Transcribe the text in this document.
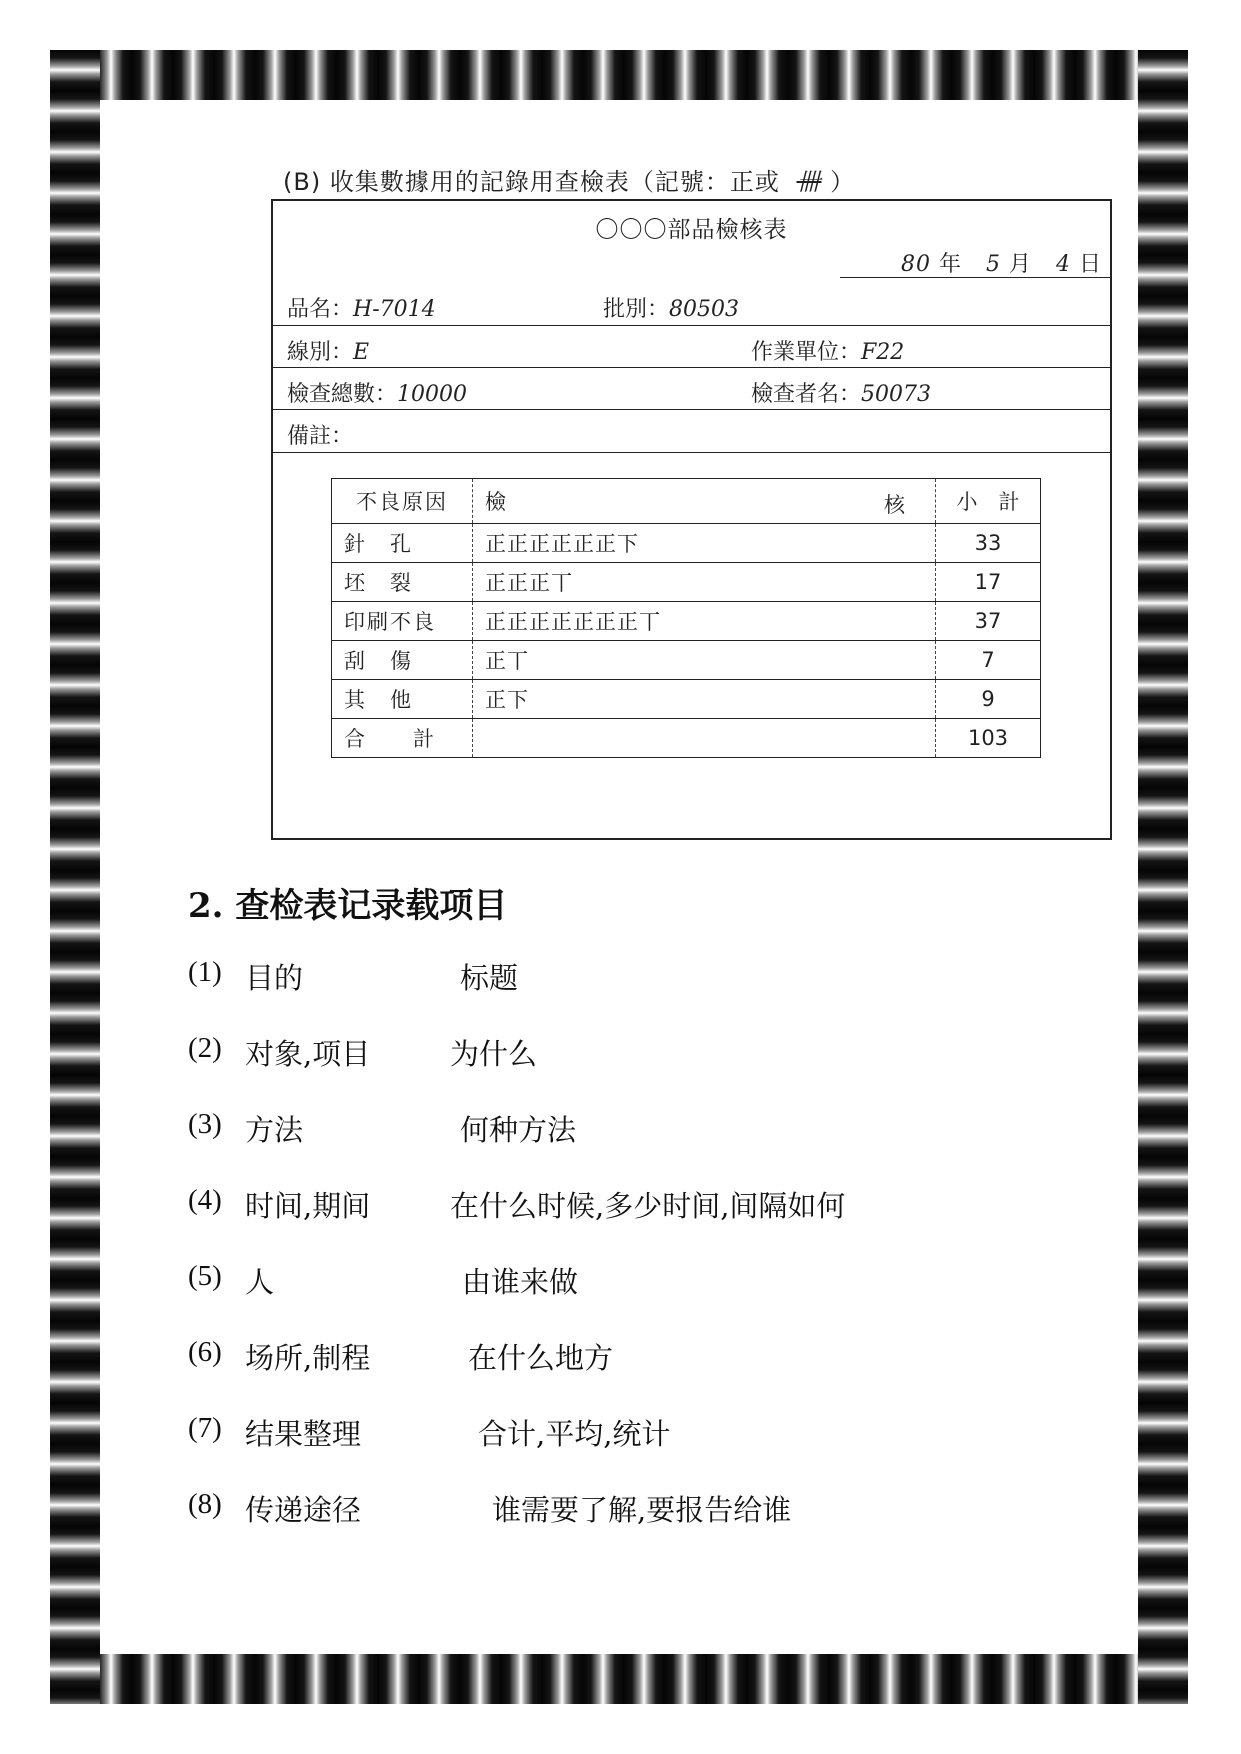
(B) 收集數據用的記錄用查檢表（記號：正或 卌 ）
〇〇〇部品檢核表
80 年 5 月 4 日
品名：H-7014	批別：80503
線別：E	作業單位：F22
檢查總數：10000	檢查者名：50073
備註：
不良原因	檢 核	小　計
針　孔	正正正正正正下	33
坯　裂	正正正丅	17
印刷不良	正正正正正正正丅	37
刮　傷	正丅	7
其　他	正下	9
合　　計		103
2. 查检表记录载项目
(1) 目的	标题
(2) 对象,项目	为什么
(3) 方法	何种方法
(4) 时间,期间	在什么时候,多少时间,间隔如何
(5) 人	由谁来做
(6) 场所,制程	在什么地方
(7) 结果整理	合计,平均,统计
(8) 传递途径	谁需要了解,要报告给谁
